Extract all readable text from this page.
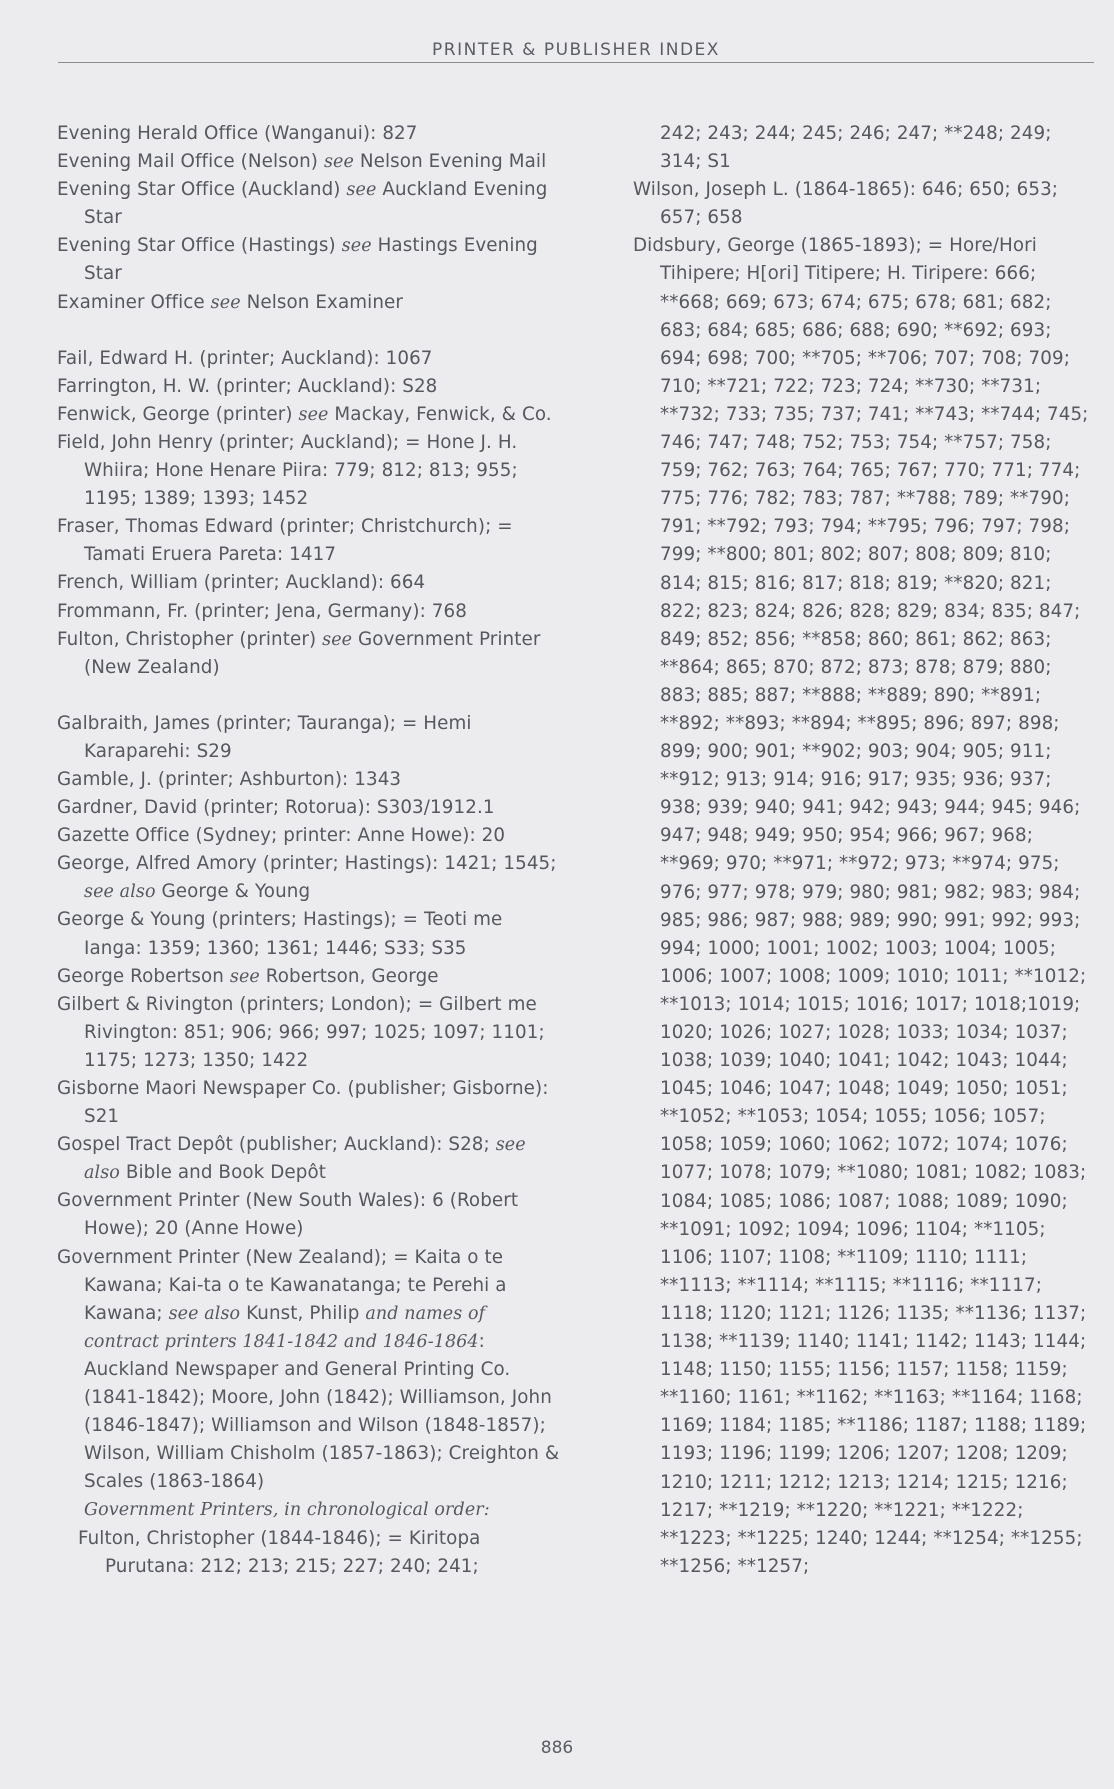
PRINTER & PUBLISHER INDEX
Evening Herald Office (Wanganui): 827
Evening Mail Office (Nelson) see Nelson Evening Mail
Evening Star Office (Auckland) see Auckland Evening Star
Evening Star Office (Hastings) see Hastings Evening Star
Examiner Office see Nelson Examiner
Fail, Edward H. (printer; Auckland): 1067
Farrington, H. W. (printer; Auckland): S28
Fenwick, George (printer) see Mackay, Fenwick, & Co.
Field, John Henry (printer; Auckland); = Hone J. H. Whiira; Hone Henare Piira: 779; 812; 813; 955; 1195; 1389; 1393; 1452
Fraser, Thomas Edward (printer; Christchurch); = Tamati Eruera Pareta: 1417
French, William (printer; Auckland): 664
Frommann, Fr. (printer; Jena, Germany): 768
Fulton, Christopher (printer) see Government Printer (New Zealand)
Galbraith, James (printer; Tauranga); = Hemi Karaparehi: S29
Gamble, J. (printer; Ashburton): 1343
Gardner, David (printer; Rotorua): S303/1912.1
Gazette Office (Sydney; printer: Anne Howe): 20
George, Alfred Amory (printer; Hastings): 1421; 1545; see also George & Young
George & Young (printers; Hastings); = Teoti me Ianga: 1359; 1360; 1361; 1446; S33; S35
George Robertson see Robertson, George
Gilbert & Rivington (printers; London); = Gilbert me Rivington: 851; 906; 966; 997; 1025; 1097; 1101; 1175; 1273; 1350; 1422
Gisborne Maori Newspaper Co. (publisher; Gisborne): S21
Gospel Tract Depôt (publisher; Auckland): S28; see also Bible and Book Depôt
Government Printer (New South Wales): 6 (Robert Howe); 20 (Anne Howe)
Government Printer (New Zealand); = Kaita o te Kawana; Kai-ta o te Kawanatanga; te Perehi a Kawana; see also Kunst, Philip and names of contract printers 1841-1842 and 1846-1864: Auckland Newspaper and General Printing Co. (1841-1842); Moore, John (1842); Williamson, John (1846-1847); Williamson and Wilson (1848-1857); Wilson, William Chisholm (1857-1863); Creighton & Scales (1863-1864)
Government Printers, in chronological order:
Fulton, Christopher (1844-1846); = Kiritopa Purutana: 212; 213; 215; 227; 240; 241;
242; 243; 244; 245; 246; 247; **248; 249; 314; S1
Wilson, Joseph L. (1864-1865): 646; 650; 653; 657; 658
Didsbury, George (1865-1893); = Hore/Hori Tihipere; H[ori] Titipere; H. Tiripere: 666; **668; 669; 673; 674; 675; 678; 681; 682; 683; 684; 685; 686; 688; 690; **692; 693; 694; 698; 700; **705; **706; 707; 708; 709; 710; **721; 722; 723; 724; **730; **731; **732; 733; 735; 737; 741; **743; **744; 745; 746; 747; 748; 752; 753; 754; **757; 758; 759; 762; 763; 764; 765; 767; 770; 771; 774; 775; 776; 782; 783; 787; **788; 789; **790; 791; **792; 793; 794; **795; 796; 797; 798; 799; **800; 801; 802; 807; 808; 809; 810; 814; 815; 816; 817; 818; 819; **820; 821; 822; 823; 824; 826; 828; 829; 834; 835; 847; 849; 852; 856; **858; 860; 861; 862; 863; **864; 865; 870; 872; 873; 878; 879; 880; 883; 885; 887; **888; **889; 890; **891; **892; **893; **894; **895; 896; 897; 898; 899; 900; 901; **902; 903; 904; 905; 911; **912; 913; 914; 916; 917; 935; 936; 937; 938; 939; 940; 941; 942; 943; 944; 945; 946; 947; 948; 949; 950; 954; 966; 967; 968; **969; 970; **971; **972; 973; **974; 975; 976; 977; 978; 979; 980; 981; 982; 983; 984; 985; 986; 987; 988; 989; 990; 991; 992; 993; 994; 1000; 1001; 1002; 1003; 1004; 1005; 1006; 1007; 1008; 1009; 1010; 1011; **1012; **1013; 1014; 1015; 1016; 1017; 1018;1019; 1020; 1026; 1027; 1028; 1033; 1034; 1037; 1038; 1039; 1040; 1041; 1042; 1043; 1044; 1045; 1046; 1047; 1048; 1049; 1050; 1051; **1052; **1053; 1054; 1055; 1056; 1057; 1058; 1059; 1060; 1062; 1072; 1074; 1076; 1077; 1078; 1079; **1080; 1081; 1082; 1083; 1084; 1085; 1086; 1087; 1088; 1089; 1090; **1091; 1092; 1094; 1096; 1104; **1105; 1106; 1107; 1108; **1109; 1110; 1111; **1113; **1114; **1115; **1116; **1117; 1118; 1120; 1121; 1126; 1135; **1136; 1137; 1138; **1139; 1140; 1141; 1142; 1143; 1144; 1148; 1150; 1155; 1156; 1157; 1158; 1159; **1160; 1161; **1162; **1163; **1164; 1168; 1169; 1184; 1185; **1186; 1187; 1188; 1189; 1193; 1196; 1199; 1206; 1207; 1208; 1209; 1210; 1211; 1212; 1213; 1214; 1215; 1216; 1217; **1219; **1220; **1221; **1222; **1223; **1225; 1240; 1244; **1254; **1255; **1256; **1257;
886
